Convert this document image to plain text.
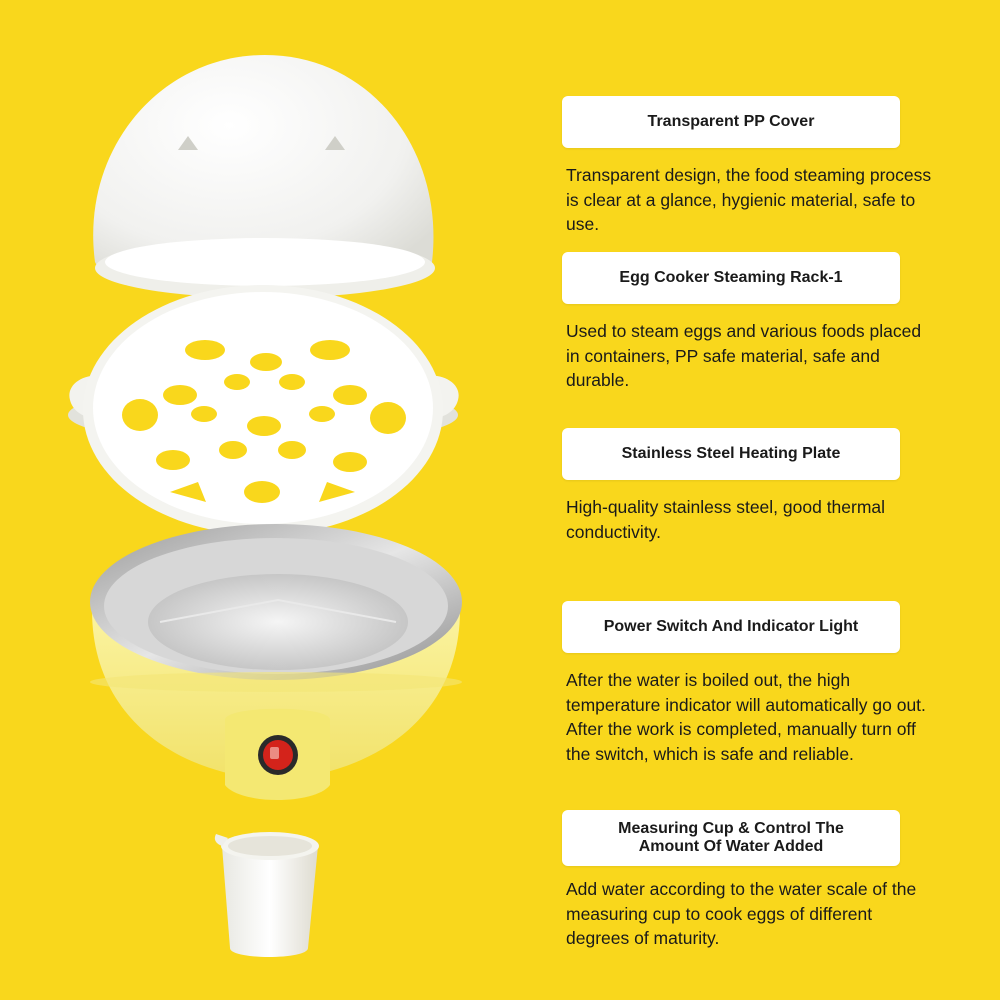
Transparent PP Cover

Transparent design, the food steaming process is clear at a glance, hygienic material, safe to use.

Egg Cooker Steaming Rack-1

Used to steam eggs and various foods placed in containers, PP safe material, safe and durable.

Stainless Steel Heating Plate

High-quality stainless steel, good thermal conductivity.

Power Switch And Indicator Light

After the water is boiled out, the high temperature indicator will automatically go out. After the work is completed, manually turn off the switch, which is safe and reliable.

Measuring Cup & Control The
Amount Of Water Added

Add water according to the water scale of the measuring cup to cook eggs of different degrees of maturity.
